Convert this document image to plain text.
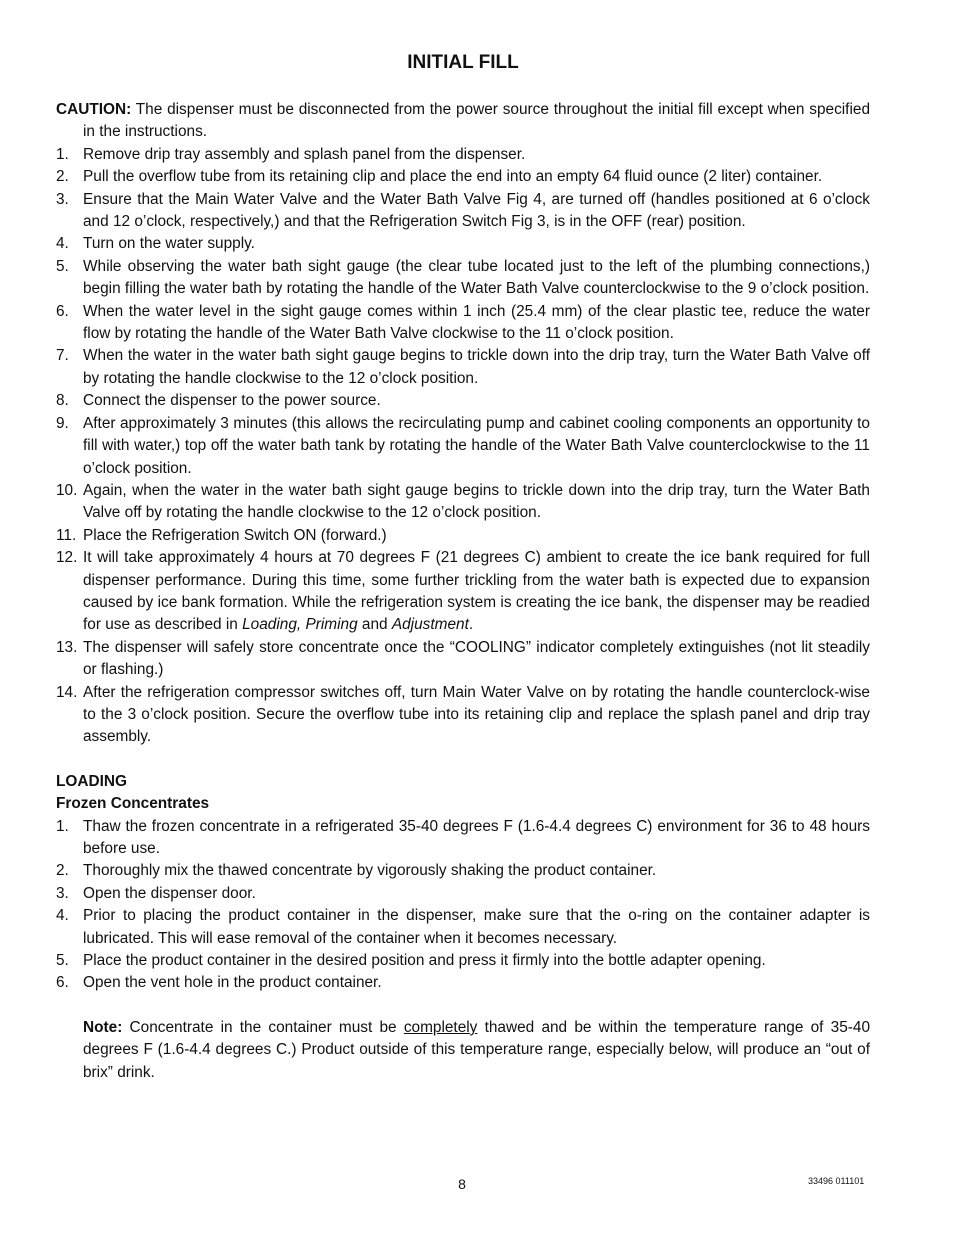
INITIAL FILL

CAUTION: The dispenser must be disconnected from the power source throughout the initial fill except when specified in the instructions.

1. Remove drip tray assembly and splash panel from the dispenser.
2. Pull the overflow tube from its retaining clip and place the end into an empty 64 fluid ounce (2 liter) container.
3. Ensure that the Main Water Valve and the Water Bath Valve Fig 4, are turned off (handles positioned at 6 o’clock and 12 o’clock, respectively,) and that the Refrigeration Switch Fig 3, is in the OFF (rear) position.
4. Turn on the water supply.
5. While observing the water bath sight gauge (the clear tube located just to the left of the plumbing connections,) begin filling the water bath by rotating the handle of the Water Bath Valve counterclockwise to the 9 o’clock position.
6. When the water level in the sight gauge comes within 1 inch (25.4 mm) of the clear plastic tee, reduce the water flow by rotating the handle of the Water Bath Valve clockwise to the 11 o’clock position.
7. When the water in the water bath sight gauge begins to trickle down into the drip tray, turn the Water Bath Valve off by rotating the handle clockwise to the 12 o’clock position.
8. Connect the dispenser to the power source.
9. After approximately 3 minutes (this allows the recirculating pump and cabinet cooling components an opportunity to fill with water,) top off the water bath tank by rotating the handle of the Water Bath Valve counterclockwise to the 11 o’clock position.
10. Again, when the water in the water bath sight gauge begins to trickle down into the drip tray, turn the Water Bath Valve off by rotating the handle clockwise to the 12 o’clock position.
11. Place the Refrigeration Switch ON (forward.)
12. It will take approximately 4 hours at 70 degrees F (21 degrees C) ambient to create the ice bank required for full dispenser performance. During this time, some further trickling from the water bath is expected due to expansion caused by ice bank formation. While the refrigeration system is creating the ice bank, the dispenser may be readied for use as described in Loading, Priming and Adjustment.
13. The dispenser will safely store concentrate once the “COOLING” indicator completely extinguishes (not lit steadily or flashing.)
14. After the refrigeration compressor switches off, turn Main Water Valve on by rotating the handle counterclock-wise to the 3 o’clock position. Secure the overflow tube into its retaining clip and replace the splash panel and drip tray assembly.
LOADING
Frozen Concentrates
1. Thaw the frozen concentrate in a refrigerated 35-40 degrees F (1.6-4.4 degrees C) environment for 36 to 48 hours before use.
2. Thoroughly mix the thawed concentrate by vigorously shaking the product container.
3. Open the dispenser door.
4. Prior to placing the product container in the dispenser, make sure that the o-ring on the container adapter is lubricated. This will ease removal of the container when it becomes necessary.
5. Place the product container in the desired position and press it firmly into the bottle adapter opening.
6. Open the vent hole in the product container.

Note: Concentrate in the container must be completely thawed and be within the temperature range of 35-40 degrees F (1.6-4.4 degrees C.) Product outside of this temperature range, especially below, will produce an “out of brix” drink.

8	33496 011101
